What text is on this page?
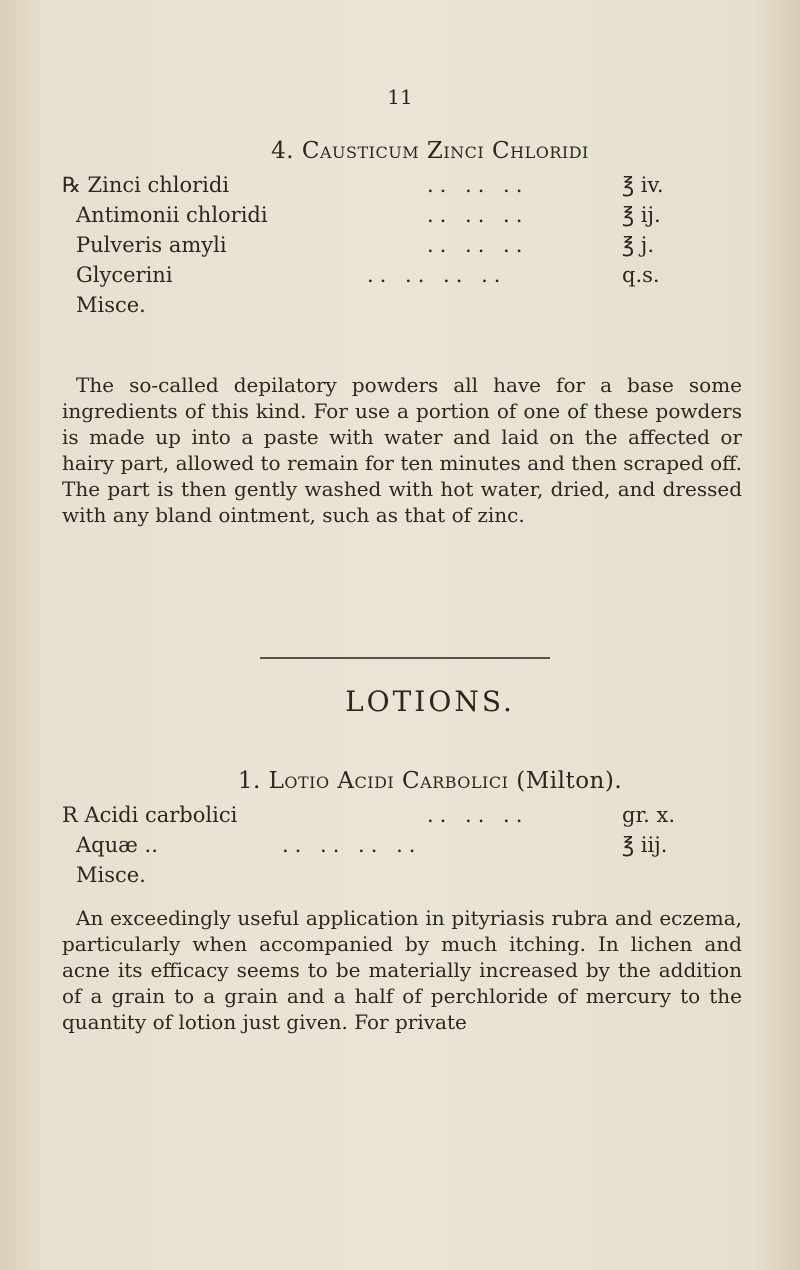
11
4. Causticum Zinci Chloridi
℞ Zinci chloridi	.. .. ..	℥ iv.
Antimonii chloridi	.. .. ..	℥ ij.
Pulveris amyli	.. .. ..	℥ j.
Glycerini	.. .. .. ..	q.s.
Misce.

The so-called depilatory powders all have for a base some ingredients of this kind. For use a portion of one of these powders is made up into a paste with water and laid on the affected or hairy part, allowed to remain for ten minutes and then scraped off. The part is then gently washed with hot water, dried, and dressed with any bland ointment, such as that of zinc.

LOTIONS.
1. Lotio Acidi Carbolici (Milton).
R Acidi carbolici	.. .. ..	gr. x.
Aquæ ..	.. .. .. ..	℥ iij.
Misce.

An exceedingly useful application in pityriasis rubra and eczema, particularly when accompanied by much itching. In lichen and acne its efficacy seems to be materially increased by the addition of a grain to a grain and a half of perchloride of mercury to the quantity of lotion just given. For private
